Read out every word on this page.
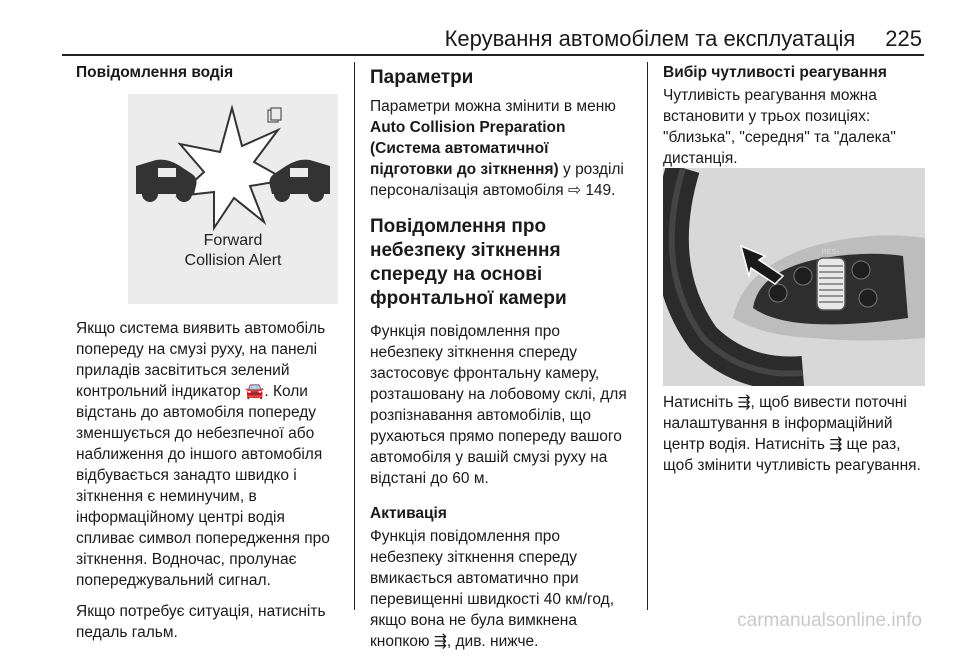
Керування автомобілем та експлуатація 225
Повідомлення водія
Forward
Collision Alert

Якщо система виявить автомобіль попереду на смузі руху, на панелі приладів засвітиться зелений контрольний індикатор 🚘. Коли відстань до автомобіля попереду зменшується до небезпечної або наближення до іншого автомобіля відбувається занадто швидко і зіткнення є неминучим, в інформаційному центрі водія спливає символ попередження про зіткнення. Водночас, пролунає попереджувальний сигнал.

Якщо потребує ситуація, натисніть педаль гальм.

Параметри

Параметри можна змінити в меню Auto Collision Preparation (Система автоматичної підготовки до зіткнення) у розділі персоналізація автомобіля ⇨ 149.

Повідомлення про небезпеку зіткнення спереду на основі фронтальної камери

Функція повідомлення про небезпеку зіткнення спереду застосовує фронтальну камеру, розташовану на лобовому склі, для розпізнавання автомобілів, що рухаються прямо попереду вашого автомобіля у вашій смузі руху на відстані до 60 м.

Активація

Функція повідомлення про небезпеку зіткнення спереду вмикається автоматично при перевищенні швидкості 40 км/год, якщо вона не була вимкнена кнопкою ⇶, див. нижче.

Вибір чутливості реагування

Чутливість реагування можна встановити у трьох позиціях: "близька", "середня" та "далека" дистанція.

RES+

Натисніть ⇶, щоб вивести поточні налаштування в інформаційний центр водія. Натисніть ⇶ ще раз, щоб змінити чутливість реагування.

carmanualsonline.info
